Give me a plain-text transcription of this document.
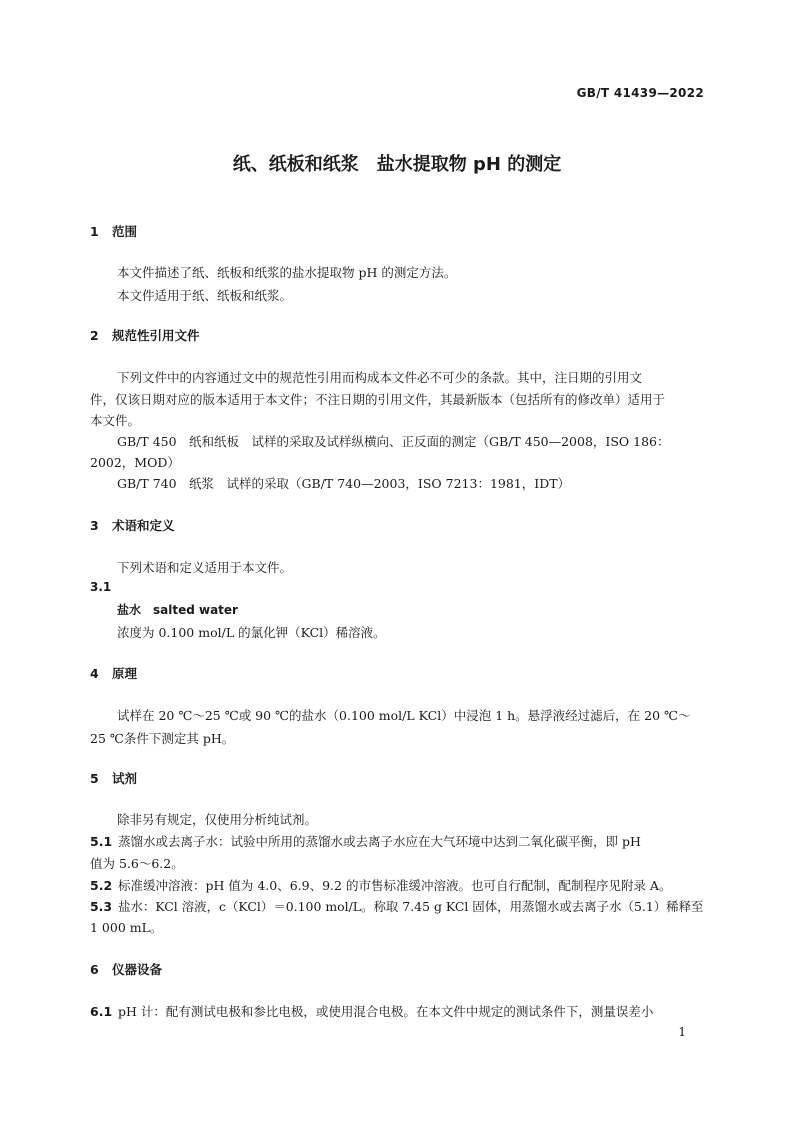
GB/T 41439—2022
纸、纸板和纸浆　盐水提取物 pH 的测定
1 范围
本文件描述了纸、纸板和纸浆的盐水提取物 pH 的测定方法。
本文件适用于纸、纸板和纸浆。
2 规范性引用文件
下列文件中的内容通过文中的规范性引用而构成本文件必不可少的条款。其中，注日期的引用文
件，仅该日期对应的版本适用于本文件；不注日期的引用文件，其最新版本（包括所有的修改单）适用于
本文件。
GB/T 450　纸和纸板　试样的采取及试样纵横向、正反面的测定（GB/T 450—2008，ISO 186：
2002，MOD）
GB/T 740　纸浆　试样的采取（GB/T 740—2003，ISO 7213：1981，IDT）
3 术语和定义
下列术语和定义适用于本文件。
3.1
盐水　salted water
浓度为 0.100 mol/L 的氯化钾（KCl）稀溶液。
4 原理
试样在 20 ℃～25 ℃或 90 ℃的盐水（0.100 mol/L KCl）中浸泡 1 h。悬浮液经过滤后，在 20 ℃～
25 ℃条件下测定其 pH。
5 试剂
除非另有规定，仅使用分析纯试剂。
5.1 蒸馏水或去离子水：试验中所用的蒸馏水或去离子水应在大气环境中达到二氧化碳平衡，即 pH
值为 5.6～6.2。
5.2 标准缓冲溶液：pH 值为 4.0、6.9、9.2 的市售标准缓冲溶液。也可自行配制，配制程序见附录 A。
5.3 盐水：KCl 溶液，c（KCl）＝0.100 mol/L。称取 7.45 g KCl 固体，用蒸馏水或去离子水（5.1）稀释至
1 000 mL。
6 仪器设备
6.1 pH 计：配有测试电极和参比电极，或使用混合电极。在本文件中规定的测试条件下，测量误差小
1
